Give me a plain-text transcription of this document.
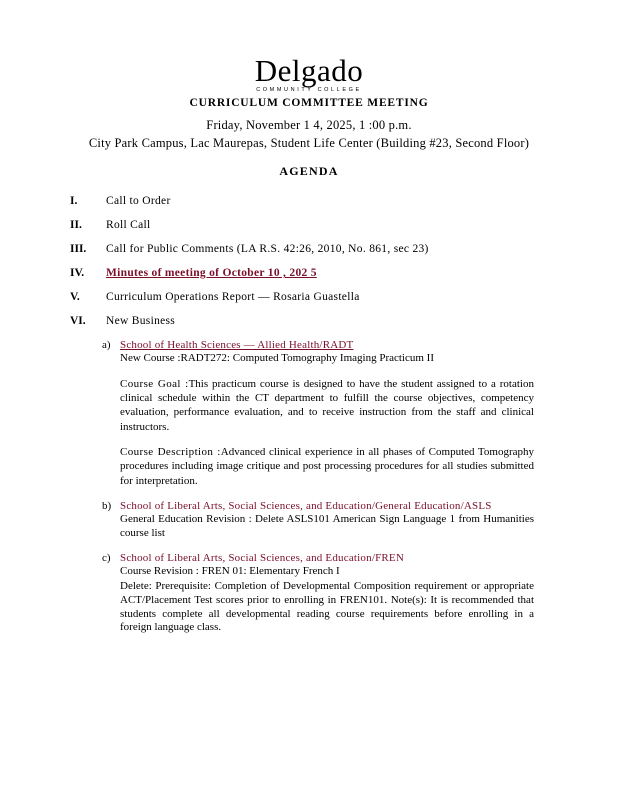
Delgado
COMMUNITY COLLEGE
CURRICULUM COMMITTEE MEETING
Friday, November 1 4, 2025, 1 :00 p.m.
City Park Campus, Lac Maurepas, Student Life Center (Building #23, Second Floor)
AGENDA
I.	Call to Order
II.	Roll Call
III.	Call for Public Comments (LA R.S. 42:26, 2010, No. 861, sec 23)
IV.	Minutes of meeting of October 10 , 202 5
V.	Curriculum Operations Report — Rosaria Guastella
VI.	New Business
a) School of Health Sciences — Allied Health/RADT
New Course :RADT272: Computed Tomography Imaging Practicum II
Course Goal :This practicum course is designed to have the student assigned to a rotation clinical schedule within the CT department to fulfill the course objectives, competency evaluation, performance evaluation, and to receive instruction from the staff and clinical instructors.
Course Description :Advanced clinical experience in all phases of Computed Tomography procedures including image critique and post processing procedures for all studies submitted for interpretation.
b) School of Liberal Arts, Social Sciences, and Education/General Education/ASLS
General Education Revision : Delete ASLS101 American Sign Language 1 from Humanities course list
c) School of Liberal Arts, Social Sciences, and Education/FREN
Course Revision : FREN 01: Elementary French I
Delete: Prerequisite: Completion of Developmental Composition requirement or appropriate ACT/Placement Test scores prior to enrolling in FREN101. Note(s): It is recommended that students complete all developmental reading course requirements before enrolling in a foreign language class.
